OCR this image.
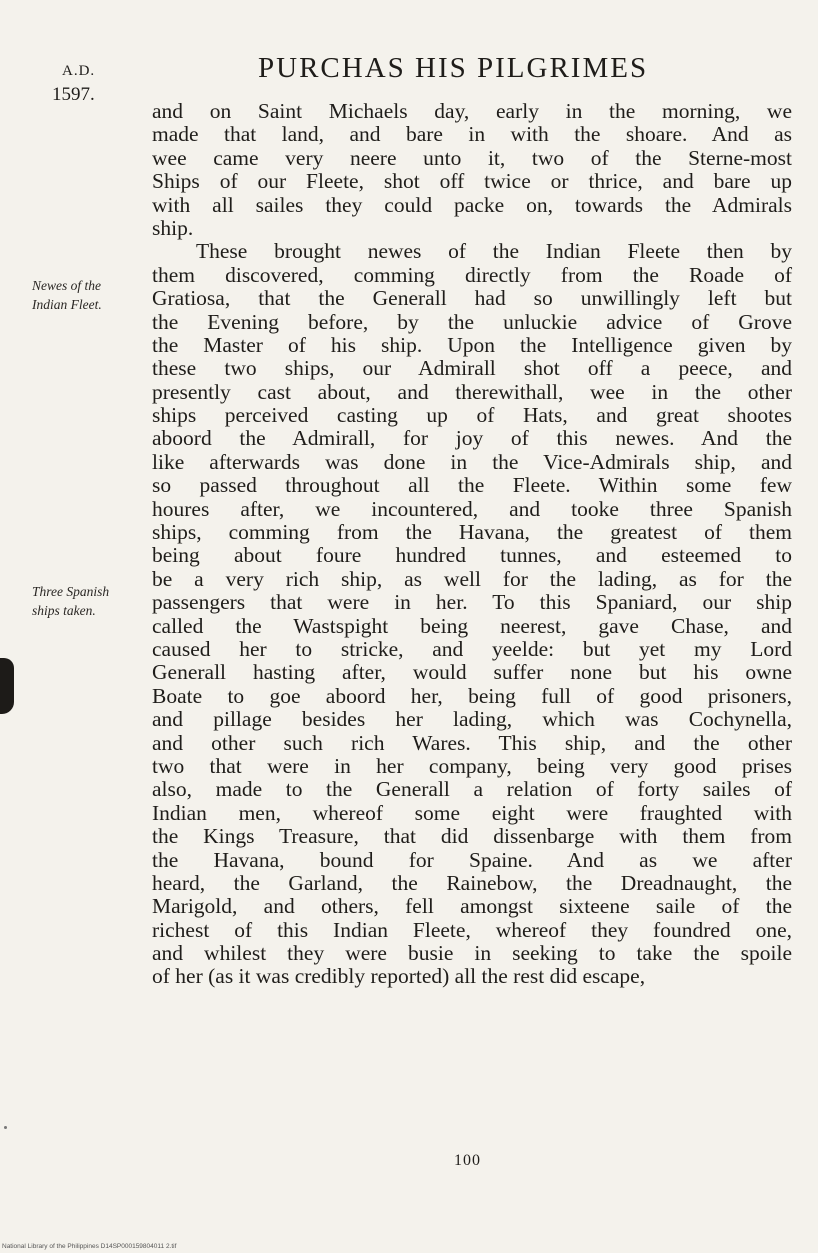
A.D.
1597.
PURCHAS HIS PILGRIMES
Newes of the
Indian Fleet.
Three Spanish
ships taken.
and on Saint Michaels day, early in the morning, we
made that land, and bare in with the shoare. And as
wee came very neere unto it, two of the Sterne-most
Ships of our Fleete, shot off twice or thrice, and bare up
with all sailes they could packe on, towards the Admirals
ship.
These brought newes of the Indian Fleete then by
them discovered, comming directly from the Roade of
Gratiosa, that the Generall had so unwillingly left but
the Evening before, by the unluckie advice of Grove
the Master of his ship. Upon the Intelligence given by
these two ships, our Admirall shot off a peece, and
presently cast about, and therewithall, wee in the other
ships perceived casting up of Hats, and great shootes
aboord the Admirall, for joy of this newes. And the
like afterwards was done in the Vice-Admirals ship, and
so passed throughout all the Fleete. Within some few
houres after, we incountered, and tooke three Spanish
ships, comming from the Havana, the greatest of them
being about foure hundred tunnes, and esteemed to
be a very rich ship, as well for the lading, as for the
passengers that were in her. To this Spaniard, our ship
called the Wastspight being neerest, gave Chase, and
caused her to stricke, and yeelde: but yet my Lord
Generall hasting after, would suffer none but his owne
Boate to goe aboord her, being full of good prisoners,
and pillage besides her lading, which was Cochynella,
and other such rich Wares. This ship, and the other
two that were in her company, being very good prises
also, made to the Generall a relation of forty sailes of
Indian men, whereof some eight were fraughted with
the Kings Treasure, that did dissenbarge with them from
the Havana, bound for Spaine. And as we after
heard, the Garland, the Rainebow, the Dreadnaught, the
Marigold, and others, fell amongst sixteene saile of the
richest of this Indian Fleete, whereof they foundred one,
and whilest they were busie in seeking to take the spoile
of her (as it was credibly reported) all the rest did escape,
100
National Library of the Philippines D14SP000159804011 2.tif
